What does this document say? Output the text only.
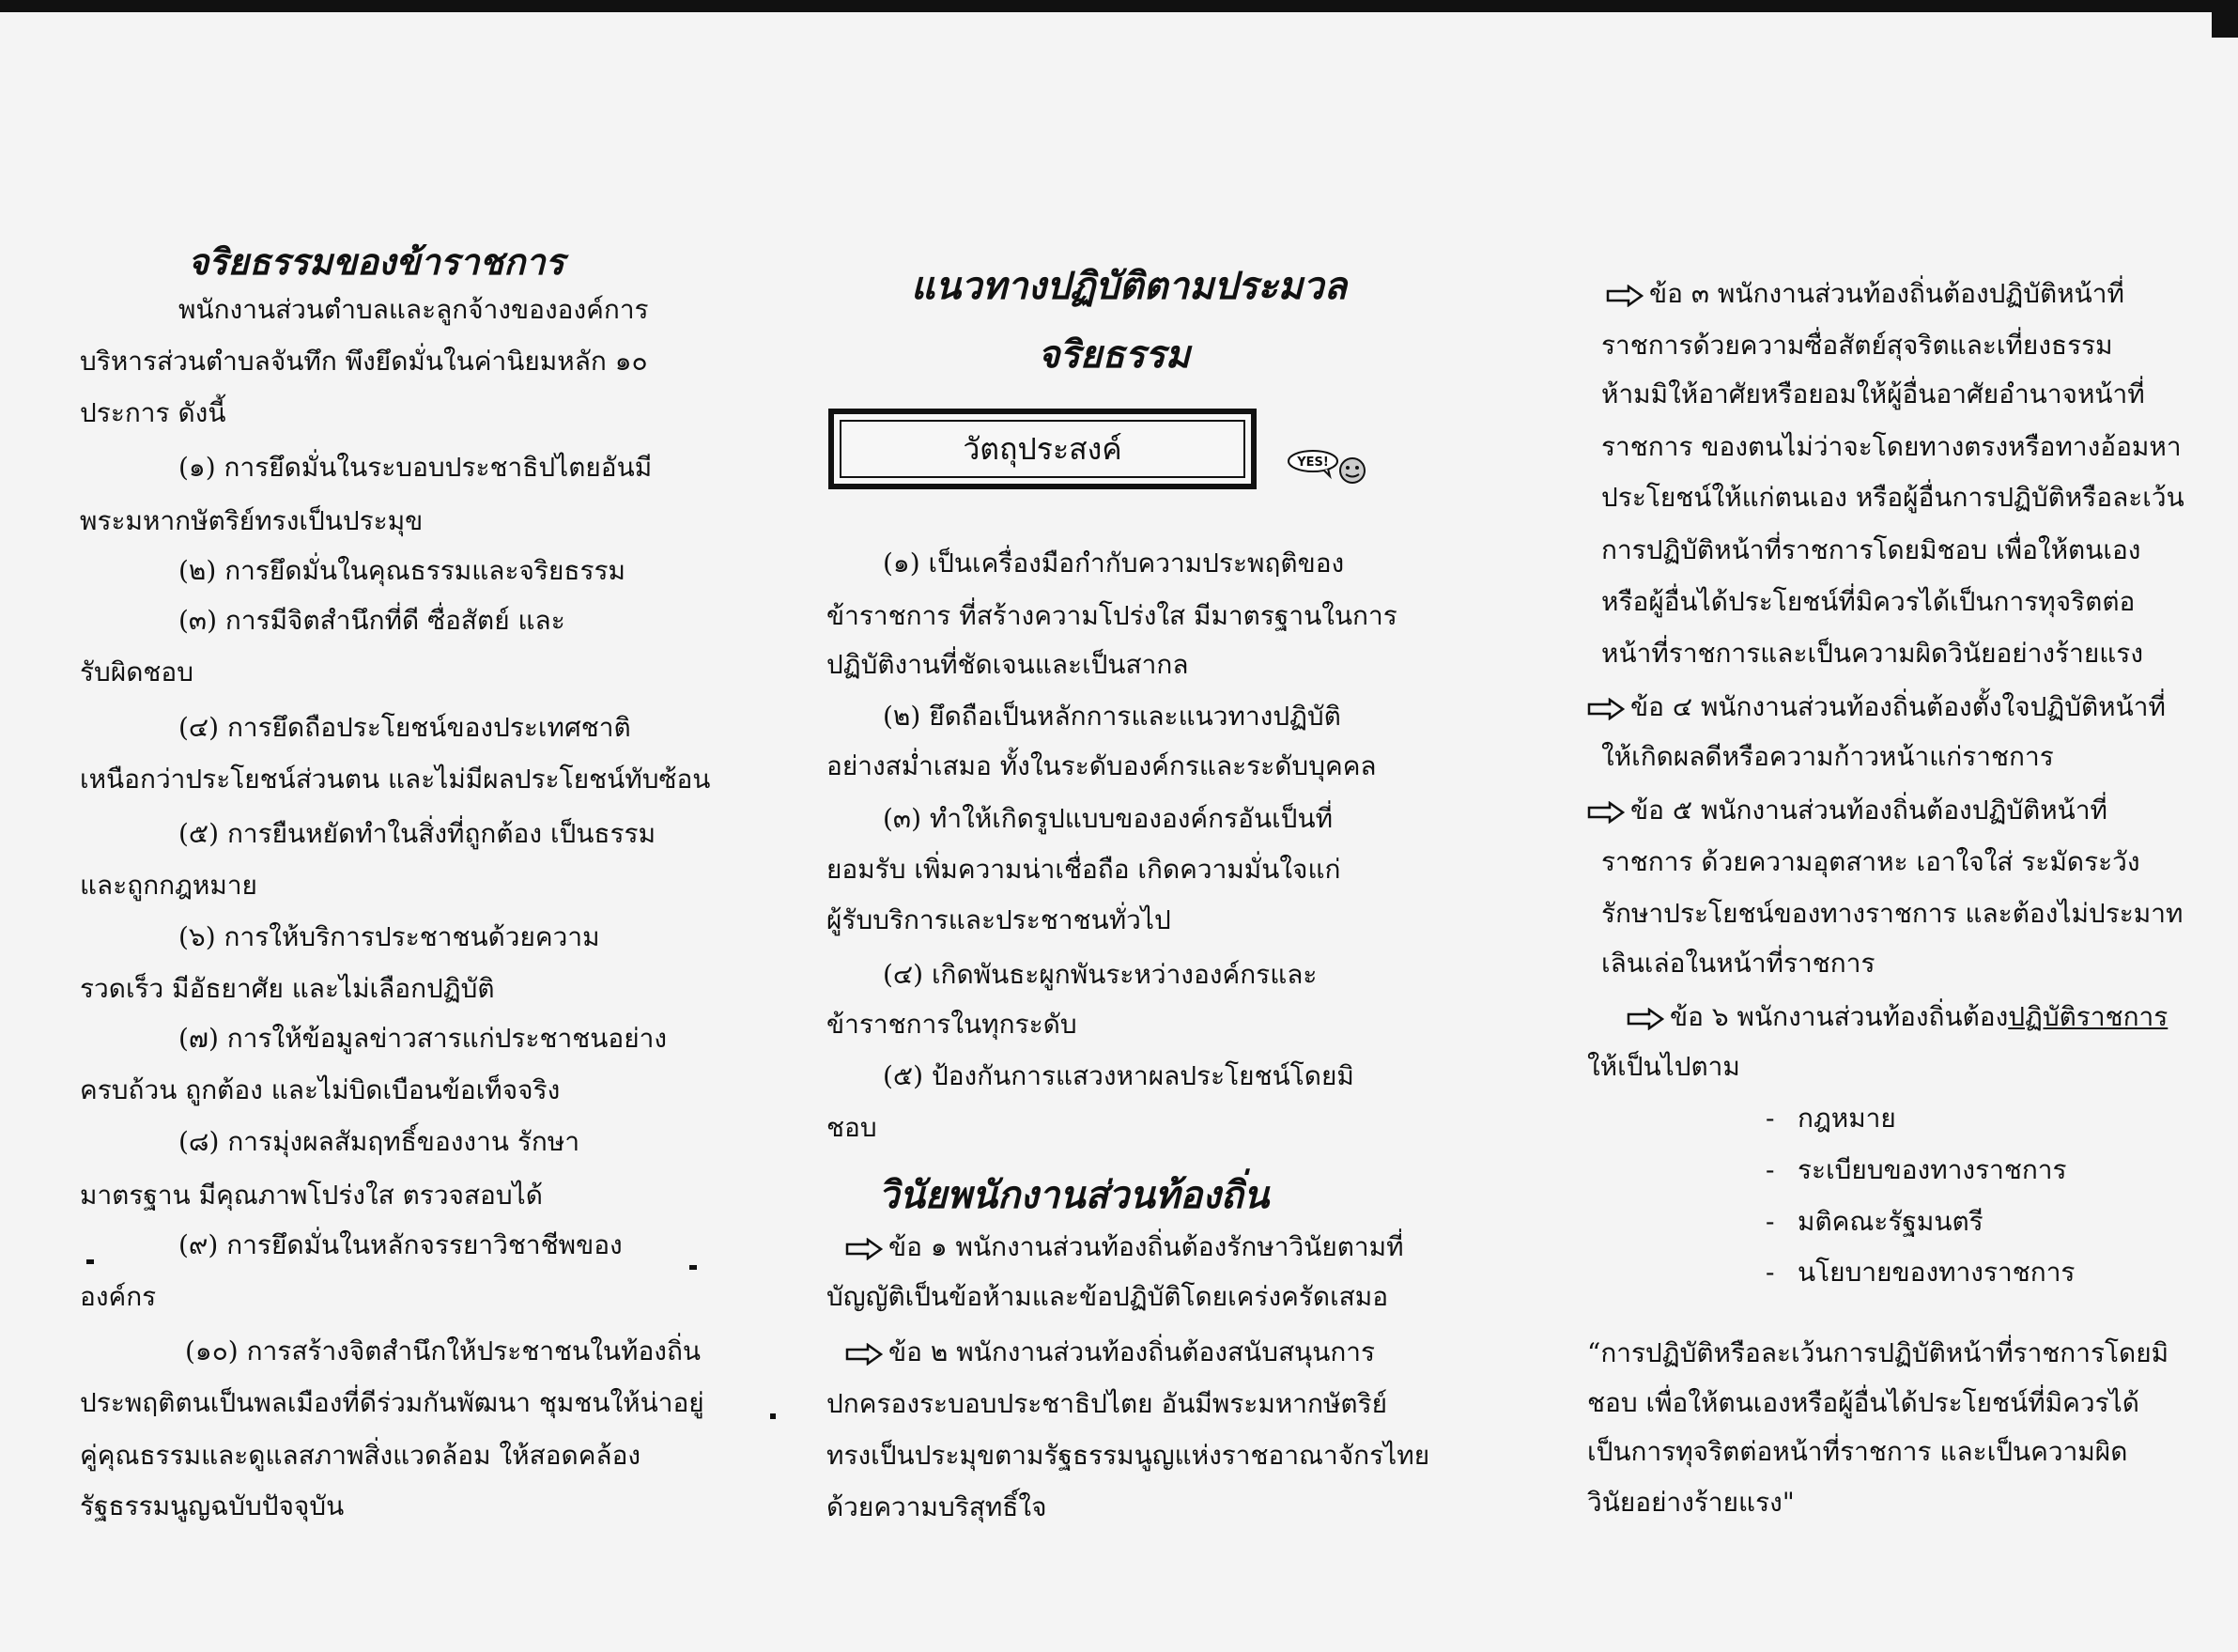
จริยธรรมของข้าราชการ
พนักงานส่วนตำบลและลูกจ้างขององค์การ
บริหารส่วนตำบลจันทึก พึงยึดมั่นในค่านิยมหลัก ๑๐
ประการ ดังนี้
(๑) การยึดมั่นในระบอบประชาธิปไตยอันมี
พระมหากษัตริย์ทรงเป็นประมุข
(๒) การยึดมั่นในคุณธรรมและจริยธรรม
(๓) การมีจิตสำนึกที่ดี ซื่อสัตย์ และ
รับผิดชอบ
(๔) การยึดถือประโยชน์ของประเทศชาติ
เหนือกว่าประโยชน์ส่วนตน และไม่มีผลประโยชน์ทับซ้อน
(๕) การยืนหยัดทำในสิ่งที่ถูกต้อง เป็นธรรม
และถูกกฎหมาย
(๖) การให้บริการประชาชนด้วยความ
รวดเร็ว มีอัธยาศัย และไม่เลือกปฏิบัติ
(๗) การให้ข้อมูลข่าวสารแก่ประชาชนอย่าง
ครบถ้วน ถูกต้อง และไม่บิดเบือนข้อเท็จจริง
(๘) การมุ่งผลสัมฤทธิ์ของงาน รักษา
มาตรฐาน มีคุณภาพโปร่งใส ตรวจสอบได้
(๙) การยึดมั่นในหลักจรรยาวิชาชีพของ
องค์กร
(๑๐) การสร้างจิตสำนึกให้ประชาชนในท้องถิ่น
ประพฤติตนเป็นพลเมืองที่ดีร่วมกันพัฒนา ชุมชนให้น่าอยู่
คู่คุณธรรมและดูแลสภาพสิ่งแวดล้อม ให้สอดคล้อง
รัฐธรรมนูญฉบับปัจจุบัน
แนวทางปฏิบัติตามประมวล
จริยธรรม
วัตถุประสงค์	YES!
วินัยพนักงานส่วนท้องถิ่น
(๑) เป็นเครื่องมือกำกับความประพฤติของ
ข้าราชการ ที่สร้างความโปร่งใส มีมาตรฐานในการ
ปฏิบัติงานที่ชัดเจนและเป็นสากล
(๒) ยึดถือเป็นหลักการและแนวทางปฏิบัติ
อย่างสม่ำเสมอ ทั้งในระดับองค์กรและระดับบุคคล
(๓) ทำให้เกิดรูปแบบขององค์กรอันเป็นที่
ยอมรับ เพิ่มความน่าเชื่อถือ เกิดความมั่นใจแก่
ผู้รับบริการและประชาชนทั่วไป
(๔) เกิดพันธะผูกพันระหว่างองค์กรและ
ข้าราชการในทุกระดับ
(๕) ป้องกันการแสวงหาผลประโยชน์โดยมิ
ชอบ
ข้อ ๑ พนักงานส่วนท้องถิ่นต้องรักษาวินัยตามที่
บัญญัติเป็นข้อห้ามและข้อปฏิบัติโดยเคร่งครัดเสมอ
ข้อ ๒ พนักงานส่วนท้องถิ่นต้องสนับสนุนการ
ปกครองระบอบประชาธิปไตย อันมีพระมหากษัตริย์
ทรงเป็นประมุขตามรัฐธรรมนูญแห่งราชอาณาจักรไทย
ด้วยความบริสุทธิ์ใจ
ข้อ ๓ พนักงานส่วนท้องถิ่นต้องปฏิบัติหน้าที่
ราชการด้วยความซื่อสัตย์สุจริตและเที่ยงธรรม
ห้ามมิให้อาศัยหรือยอมให้ผู้อื่นอาศัยอำนาจหน้าที่
ราชการ ของตนไม่ว่าจะโดยทางตรงหรือทางอ้อมหา
ประโยชน์ให้แก่ตนเอง หรือผู้อื่นการปฏิบัติหรือละเว้น
การปฏิบัติหน้าที่ราชการโดยมิชอบ เพื่อให้ตนเอง
หรือผู้อื่นได้ประโยชน์ที่มิควรได้เป็นการทุจริตต่อ
หน้าที่ราชการและเป็นความผิดวินัยอย่างร้ายแรง
ข้อ ๔ พนักงานส่วนท้องถิ่นต้องตั้งใจปฏิบัติหน้าที่
ให้เกิดผลดีหรือความก้าวหน้าแก่ราชการ
ข้อ ๕ พนักงานส่วนท้องถิ่นต้องปฏิบัติหน้าที่
ราชการ ด้วยความอุตสาหะ เอาใจใส่ ระมัดระวัง
รักษาประโยชน์ของทางราชการ และต้องไม่ประมาท
เลินเล่อในหน้าที่ราชการ
ข้อ ๖ พนักงานส่วนท้องถิ่นต้องปฏิบัติราชการ
ให้เป็นไปตาม
- กฎหมาย
- ระเบียบของทางราชการ
- มติคณะรัฐมนตรี
- นโยบายของทางราชการ
“การปฏิบัติหรือละเว้นการปฏิบัติหน้าที่ราชการโดยมิ
ชอบ เพื่อให้ตนเองหรือผู้อื่นได้ประโยชน์ที่มิควรได้
เป็นการทุจริตต่อหน้าที่ราชการ และเป็นความผิด
วินัยอย่างร้ายแรง"
